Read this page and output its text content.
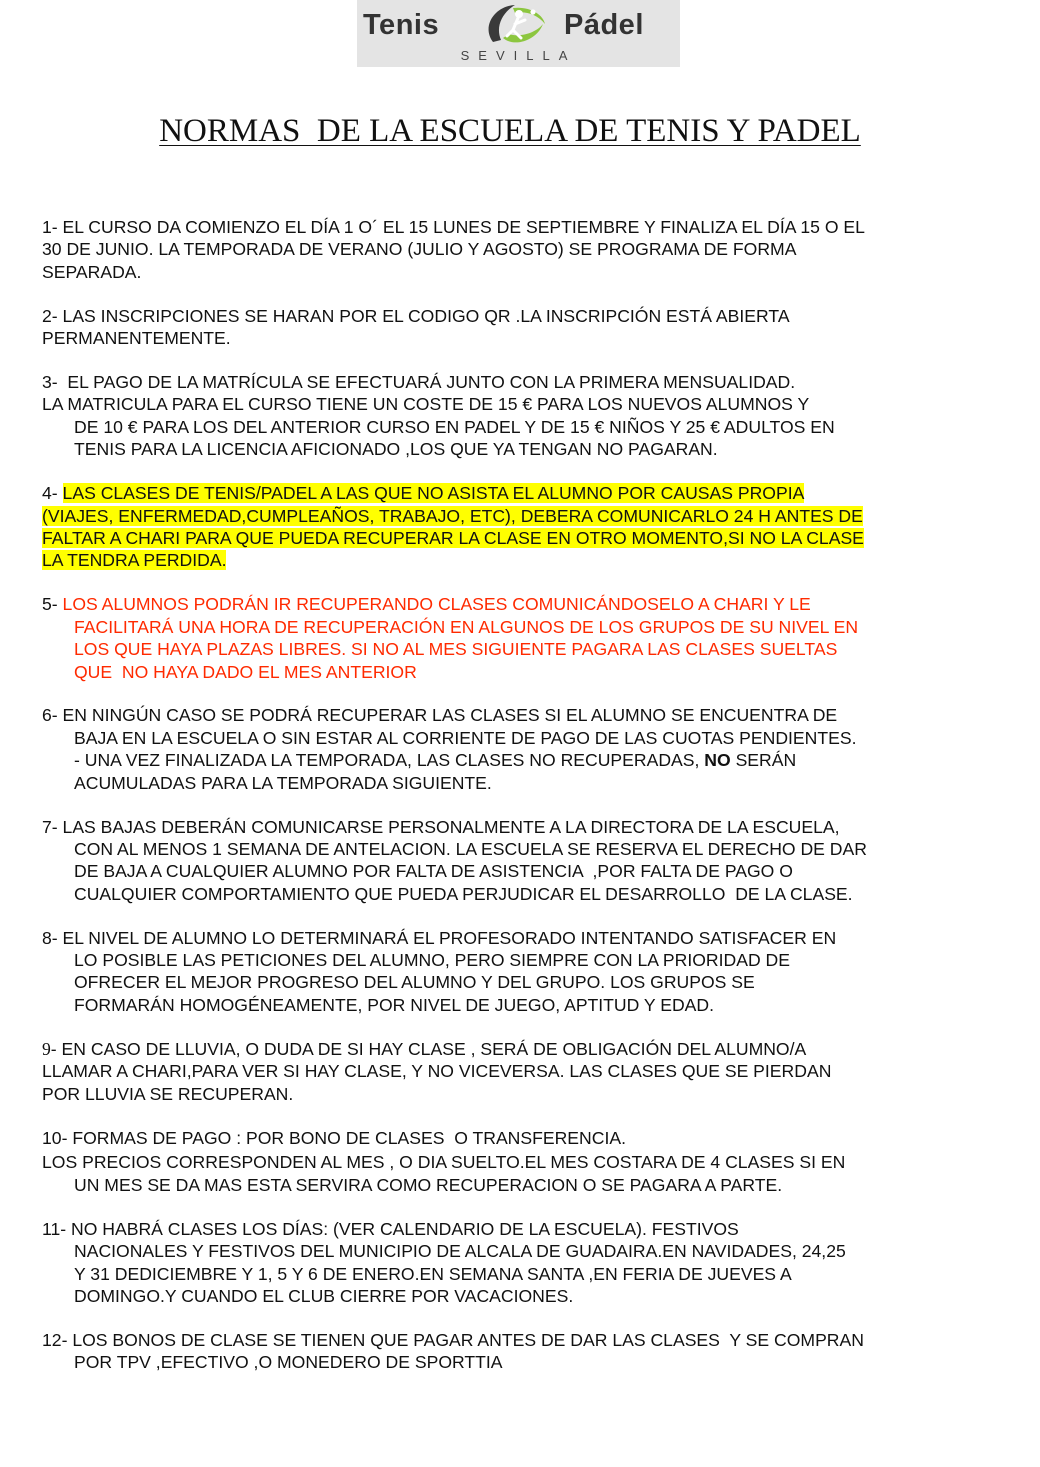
Tenis	Pádel
SEVILLA
NORMAS  DE LA ESCUELA DE TENIS Y PADEL
1- EL CURSO DA COMIENZO EL DÍA 1 O´ EL 15 LUNES DE SEPTIEMBRE Y FINALIZA EL DÍA 15 O EL
30 DE JUNIO. LA TEMPORADA DE VERANO (JULIO Y AGOSTO) SE PROGRAMA DE FORMA
SEPARADA.
2- LAS INSCRIPCIONES SE HARAN POR EL CODIGO QR .LA INSCRIPCIÓN ESTÁ ABIERTA
PERMANENTEMENTE.
3-  EL PAGO DE LA MATRÍCULA SE EFECTUARÁ JUNTO CON LA PRIMERA MENSUALIDAD.
LA MATRICULA PARA EL CURSO TIENE UN COSTE DE 15 € PARA LOS NUEVOS ALUMNOS Y
DE 10 € PARA LOS DEL ANTERIOR CURSO EN PADEL Y DE 15 € NIÑOS Y 25 € ADULTOS EN
TENIS PARA LA LICENCIA AFICIONADO ,LOS QUE YA TENGAN NO PAGARAN.
4- LAS CLASES DE TENIS/PADEL A LAS QUE NO ASISTA EL ALUMNO POR CAUSAS PROPIA
(VIAJES, ENFERMEDAD,CUMPLEAÑOS, TRABAJO, ETC), DEBERA COMUNICARLO 24 H ANTES DE
FALTAR A CHARI PARA QUE PUEDA RECUPERAR LA CLASE EN OTRO MOMENTO,SI NO LA CLASE
LA TENDRA PERDIDA.
5- LOS ALUMNOS PODRÁN IR RECUPERANDO CLASES COMUNICÁNDOSELO A CHARI Y LE
FACILITARÁ UNA HORA DE RECUPERACIÓN EN ALGUNOS DE LOS GRUPOS DE SU NIVEL EN
LOS QUE HAYA PLAZAS LIBRES. SI NO AL MES SIGUIENTE PAGARA LAS CLASES SUELTAS
QUE  NO HAYA DADO EL MES ANTERIOR
6- EN NINGÚN CASO SE PODRÁ RECUPERAR LAS CLASES SI EL ALUMNO SE ENCUENTRA DE
BAJA EN LA ESCUELA O SIN ESTAR AL CORRIENTE DE PAGO DE LAS CUOTAS PENDIENTES.
- UNA VEZ FINALIZADA LA TEMPORADA, LAS CLASES NO RECUPERADAS, NO SERÁN
ACUMULADAS PARA LA TEMPORADA SIGUIENTE.
7- LAS BAJAS DEBERÁN COMUNICARSE PERSONALMENTE A LA DIRECTORA DE LA ESCUELA,
CON AL MENOS 1 SEMANA DE ANTELACION. LA ESCUELA SE RESERVA EL DERECHO DE DAR
DE BAJA A CUALQUIER ALUMNO POR FALTA DE ASISTENCIA  ,POR FALTA DE PAGO O
CUALQUIER COMPORTAMIENTO QUE PUEDA PERJUDICAR EL DESARROLLO  DE LA CLASE.
8- EL NIVEL DE ALUMNO LO DETERMINARÁ EL PROFESORADO INTENTANDO SATISFACER EN
LO POSIBLE LAS PETICIONES DEL ALUMNO, PERO SIEMPRE CON LA PRIORIDAD DE
OFRECER EL MEJOR PROGRESO DEL ALUMNO Y DEL GRUPO. LOS GRUPOS SE
FORMARÁN HOMOGÉNEAMENTE, POR NIVEL DE JUEGO, APTITUD Y EDAD.
9- EN CASO DE LLUVIA, O DUDA DE SI HAY CLASE , SERÁ DE OBLIGACIÓN DEL ALUMNO/A
LLAMAR A CHARI,PARA VER SI HAY CLASE, Y NO VICEVERSA. LAS CLASES QUE SE PIERDAN
POR LLUVIA SE RECUPERAN.
10- FORMAS DE PAGO : POR BONO DE CLASES  O TRANSFERENCIA.
LOS PRECIOS CORRESPONDEN AL MES , O DIA SUELTO.EL MES COSTARA DE 4 CLASES SI EN
UN MES SE DA MAS ESTA SERVIRA COMO RECUPERACION O SE PAGARA A PARTE.
11- NO HABRÁ CLASES LOS DÍAS: (VER CALENDARIO DE LA ESCUELA). FESTIVOS
NACIONALES Y FESTIVOS DEL MUNICIPIO DE ALCALA DE GUADAIRA.EN NAVIDADES, 24,25
Y 31 DEDICIEMBRE Y 1, 5 Y 6 DE ENERO.EN SEMANA SANTA ,EN FERIA DE JUEVES A
DOMINGO.Y CUANDO EL CLUB CIERRE POR VACACIONES.
12- LOS BONOS DE CLASE SE TIENEN QUE PAGAR ANTES DE DAR LAS CLASES  Y SE COMPRAN
POR TPV ,EFECTIVO ,O MONEDERO DE SPORTTIA
